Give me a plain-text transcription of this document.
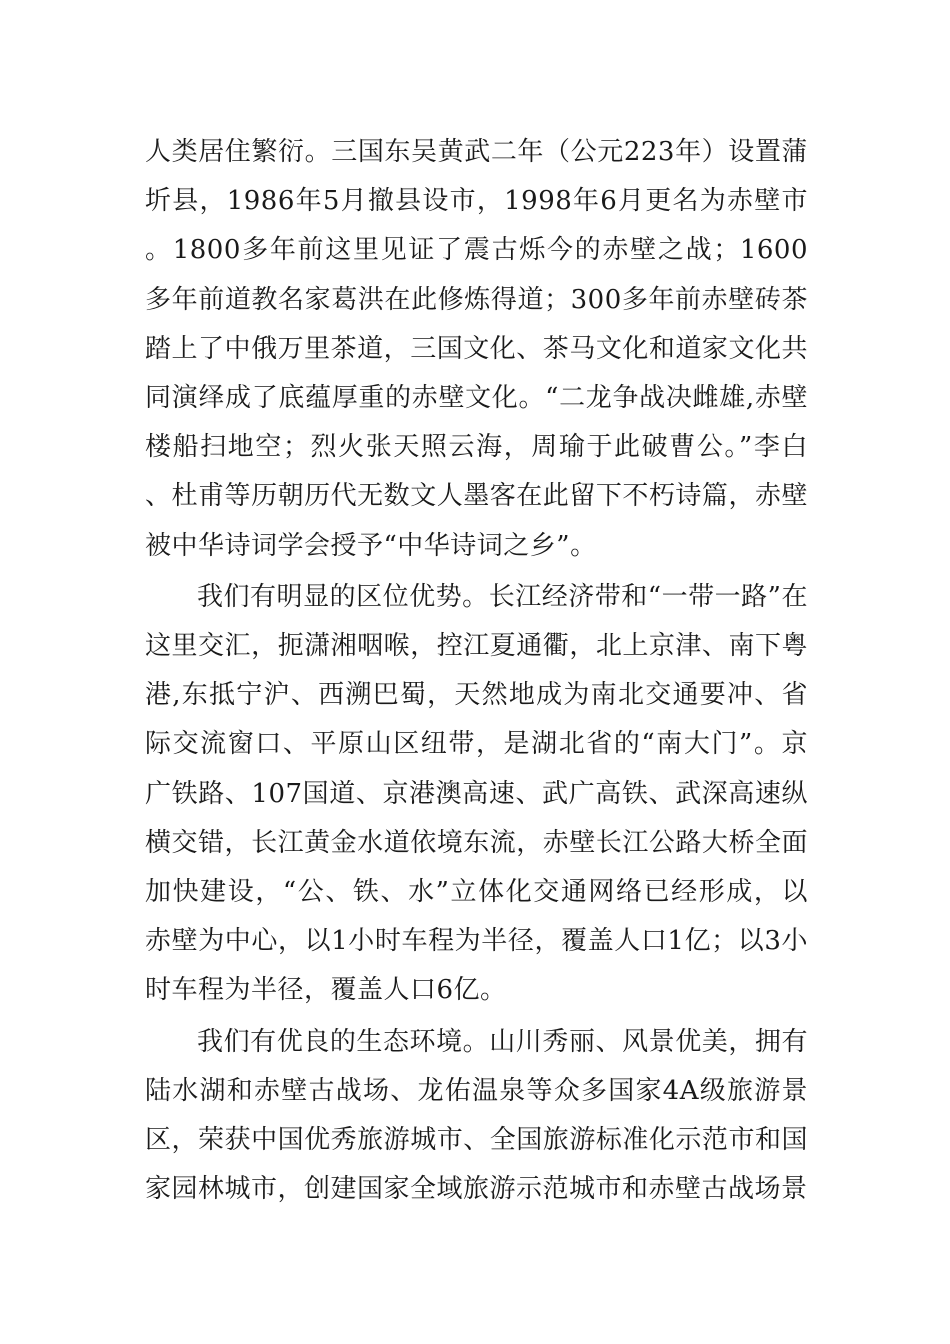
人类居住繁衍。三国东吴黄武二年（公元223年）设置蒲圻县，1986年5月撤县设市，1998年6月更名为赤壁市。1800多年前这里见证了震古烁今的赤壁之战；1600多年前道教名家葛洪在此修炼得道；300多年前赤壁砖茶踏上了中俄万里茶道，三国文化、茶马文化和道家文化共同演绎成了底蕴厚重的赤壁文化。“二龙争战决雌雄,赤壁楼船扫地空；烈火张天照云海，周瑜于此破曹公。”李白、杜甫等历朝历代无数文人墨客在此留下不朽诗篇，赤壁被中华诗词学会授予“中华诗词之乡”。

我们有明显的区位优势。长江经济带和“一带一路”在这里交汇，扼潇湘咽喉，控江夏通衢，北上京津、南下粤港,东抵宁沪、西溯巴蜀，天然地成为南北交通要冲、省际交流窗口、平原山区纽带，是湖北省的“南大门”。京广铁路、107国道、京港澳高速、武广高铁、武深高速纵横交错，长江黄金水道依境东流，赤壁长江公路大桥全面加快建设，“公、铁、水”立体化交通网络已经形成，以赤壁为中心，以1小时车程为半径，覆盖人口1亿；以3小时车程为半径，覆盖人口6亿。

我们有优良的生态环境。山川秀丽、风景优美，拥有陆水湖和赤壁古战场、龙佑温泉等众多国家4A级旅游景区，荣获中国优秀旅游城市、全国旅游标准化示范市和国家园林城市，创建国家全域旅游示范城市和赤壁古战场景
